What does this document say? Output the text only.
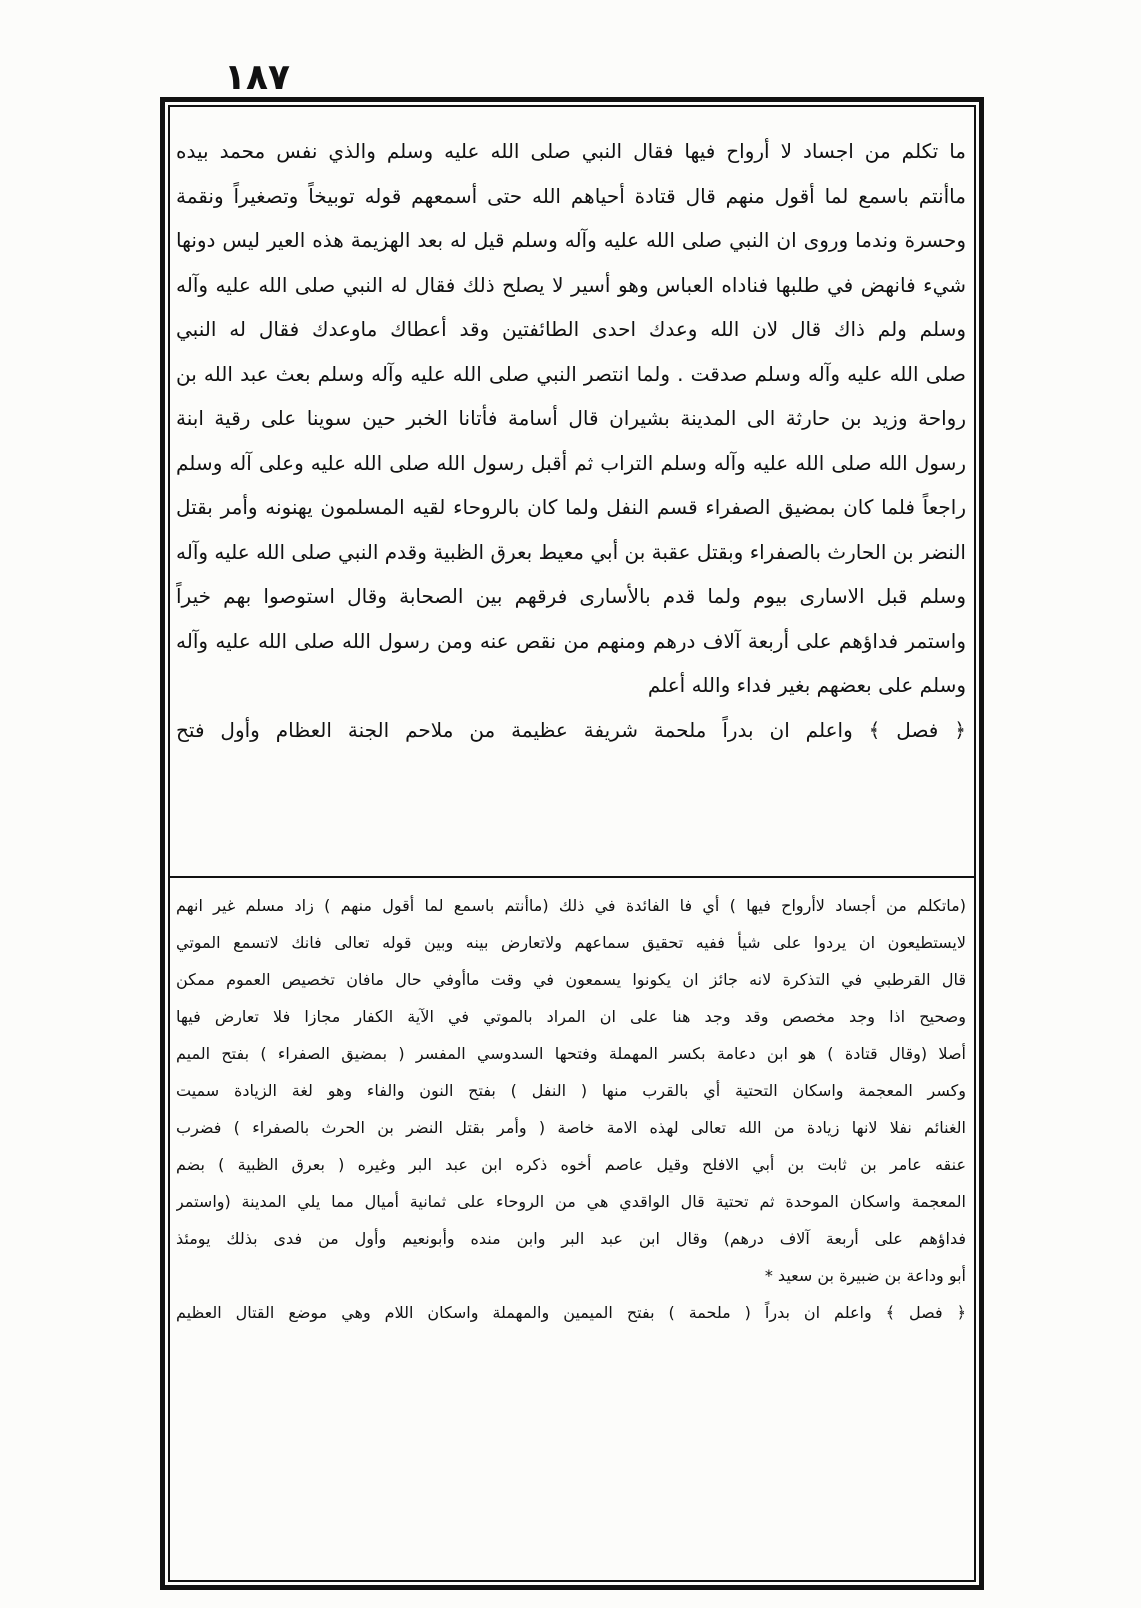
١٨٧
ما تكلم من اجساد لا أرواح فيها فقال النبي صلى الله عليه وسلم والذي نفس محمد بيده
ماأنتم باسمع لما أقول منهم قال قتادة أحياهم الله حتى أسمعهم قوله توبيخاً وتصغيراً ونقمة
وحسرة وندما وروى ان النبي صلى الله عليه وآله وسلم قيل له بعد الهزيمة هذه العير ليس دونها
شيء فانهض في طلبها فناداه العباس وهو أسير لا يصلح ذلك فقال له النبي صلى الله عليه وآله
وسلم ولم ذاك قال لان الله وعدك احدى الطائفتين وقد أعطاك ماوعدك فقال له النبي
صلى الله عليه وآله وسلم صدقت . ولما انتصر النبي صلى الله عليه وآله وسلم بعث عبد الله بن
رواحة وزيد بن حارثة الى المدينة بشيران قال أسامة فأتانا الخبر حين سوينا على رقية ابنة
رسول الله صلى الله عليه وآله وسلم التراب ثم أقبل رسول الله صلى الله عليه وعلى آله وسلم
راجعاً فلما كان بمضيق الصفراء قسم النفل ولما كان بالروحاء لقيه المسلمون يهنونه وأمر بقتل
النضر بن الحارث بالصفراء وبقتل عقبة بن أبي معيط بعرق الظبية وقدم النبي صلى الله عليه وآله
وسلم قبل الاسارى بيوم ولما قدم بالأسارى فرقهم بين الصحابة وقال استوصوا بهم خيراً
واستمر فداؤهم على أربعة آلاف درهم ومنهم من نقص عنه ومن رسول الله صلى الله عليه وآله
وسلم على بعضهم بغير فداء والله أعلم
﴿ فصل ﴾ واعلم ان بدراً ملحمة شريفة عظيمة من ملاحم الجنة العظام وأول فتح
(ماتكلم من أجساد لاأرواح فيها ) أي فا الفائدة في ذلك (ماأنتم باسمع لما أقول منهم ) زاد مسلم غير انهم
لايستطيعون ان يردوا على شيأ ففيه تحقيق سماعهم ولاتعارض بينه وبين قوله تعالى فانك لاتسمع الموتي
قال القرطبي في التذكرة لانه جائز ان يكونوا يسمعون في وقت ماأوفي حال مافان تخصيص العموم ممكن
وصحيح اذا وجد مخصص وقد وجد هنا على ان المراد بالموتي في الآية الكفار مجازا فلا تعارض فيها
أصلا (وقال قتادة ) هو ابن دعامة بكسر المهملة وفتحها السدوسي المفسر ( بمضيق الصفراء ) بفتح الميم
وكسر المعجمة واسكان التحتية أي بالقرب منها ( النفل ) بفتح النون والفاء وهو لغة الزيادة سميت
الغنائم نفلا لانها زيادة من الله تعالى لهذه الامة خاصة ( وأمر بقتل النضر بن الحرث بالصفراء ) فضرب
عنقه عامر بن ثابت بن أبي الافلح وقيل عاصم أخوه ذكره ابن عبد البر وغيره ( بعرق الظبية ) بضم
المعجمة واسكان الموحدة ثم تحتية قال الواقدي هي من الروحاء على ثمانية أميال مما يلي المدينة (واستمر
فداؤهم على أربعة آلاف درهم) وقال ابن عبد البر وابن منده وأبونعيم وأول من فدى بذلك يومئذ
أبو وداعة بن ضبيرة بن سعيد *
﴿ فصل ﴾ واعلم ان بدراً ( ملحمة ) بفتح الميمين والمهملة واسكان اللام وهي موضع القتال العظيم
